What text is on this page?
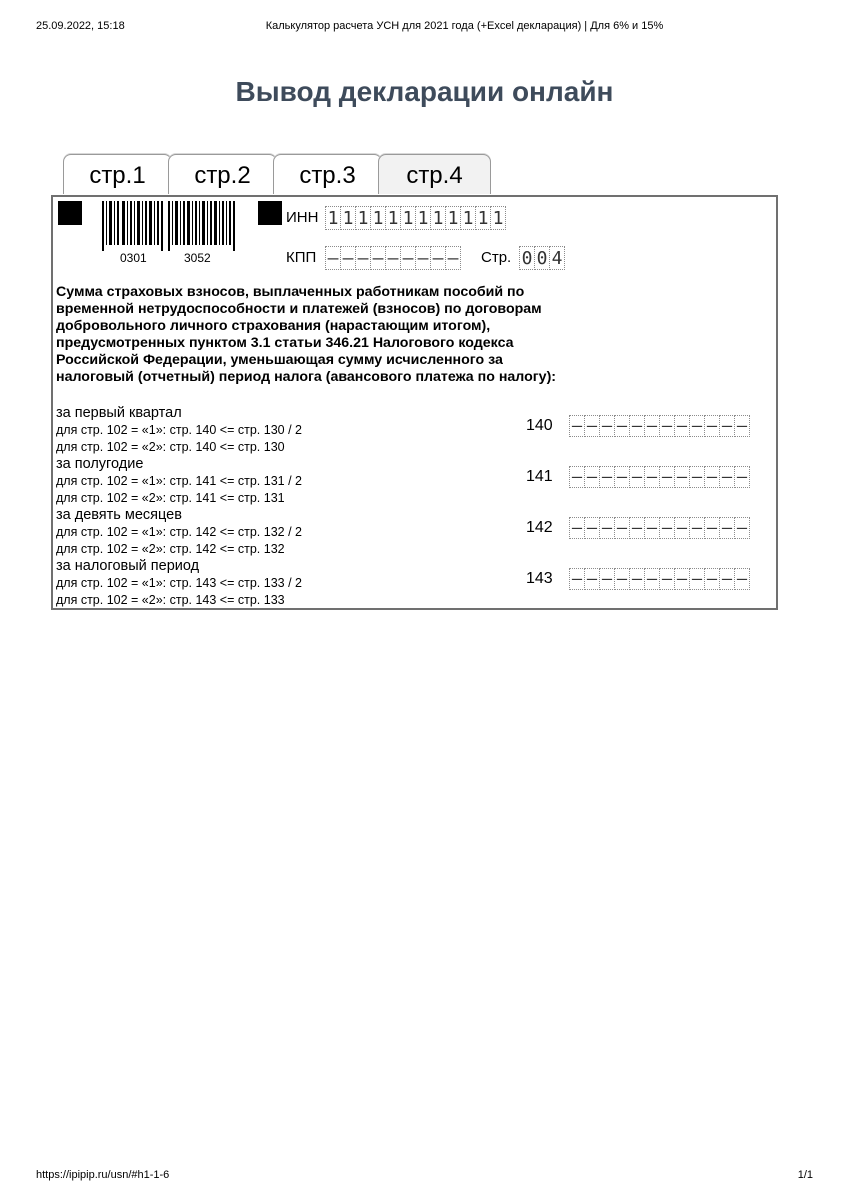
25.09.2022, 15:18	Калькулятор расчета УСН для 2021 года (+Excel декларация) | Для 6% и 15%
Вывод декларации онлайн
стр.1	стр.2	стр.3	стр.4
0301	3052
ИНН 1 1 1 1 1 1 1 1 1 1 1 1
КПП – – – – – – – – – Стр. 0 0 4
Сумма страховых взносов, выплаченных работникам пособий по временной нетрудоспособности и платежей (взносов) по договорам добровольного личного страхования (нарастающим итогом), предусмотренных пунктом 3.1 статьи 346.21 Налогового кодекса Российской Федерации, уменьшающая сумму исчисленного за налоговый (отчетный) период налога (авансового платежа по налогу):
за первый квартал
для стр. 102 = «1»: стр. 140 <= стр. 130 / 2
для стр. 102 = «2»: стр. 140 <= стр. 130
140 – – – – – – – – – – – –
за полугодие
для стр. 102 = «1»: стр. 141 <= стр. 131 / 2
для стр. 102 = «2»: стр. 141 <= стр. 131
141 – – – – – – – – – – – –
за девять месяцев
для стр. 102 = «1»: стр. 142 <= стр. 132 / 2
для стр. 102 = «2»: стр. 142 <= стр. 132
142 – – – – – – – – – – – –
за налоговый период
для стр. 102 = «1»: стр. 143 <= стр. 133 / 2
для стр. 102 = «2»: стр. 143 <= стр. 133
143 – – – – – – – – – – – –
https://ipipip.ru/usn/#h1-1-6	1/1
